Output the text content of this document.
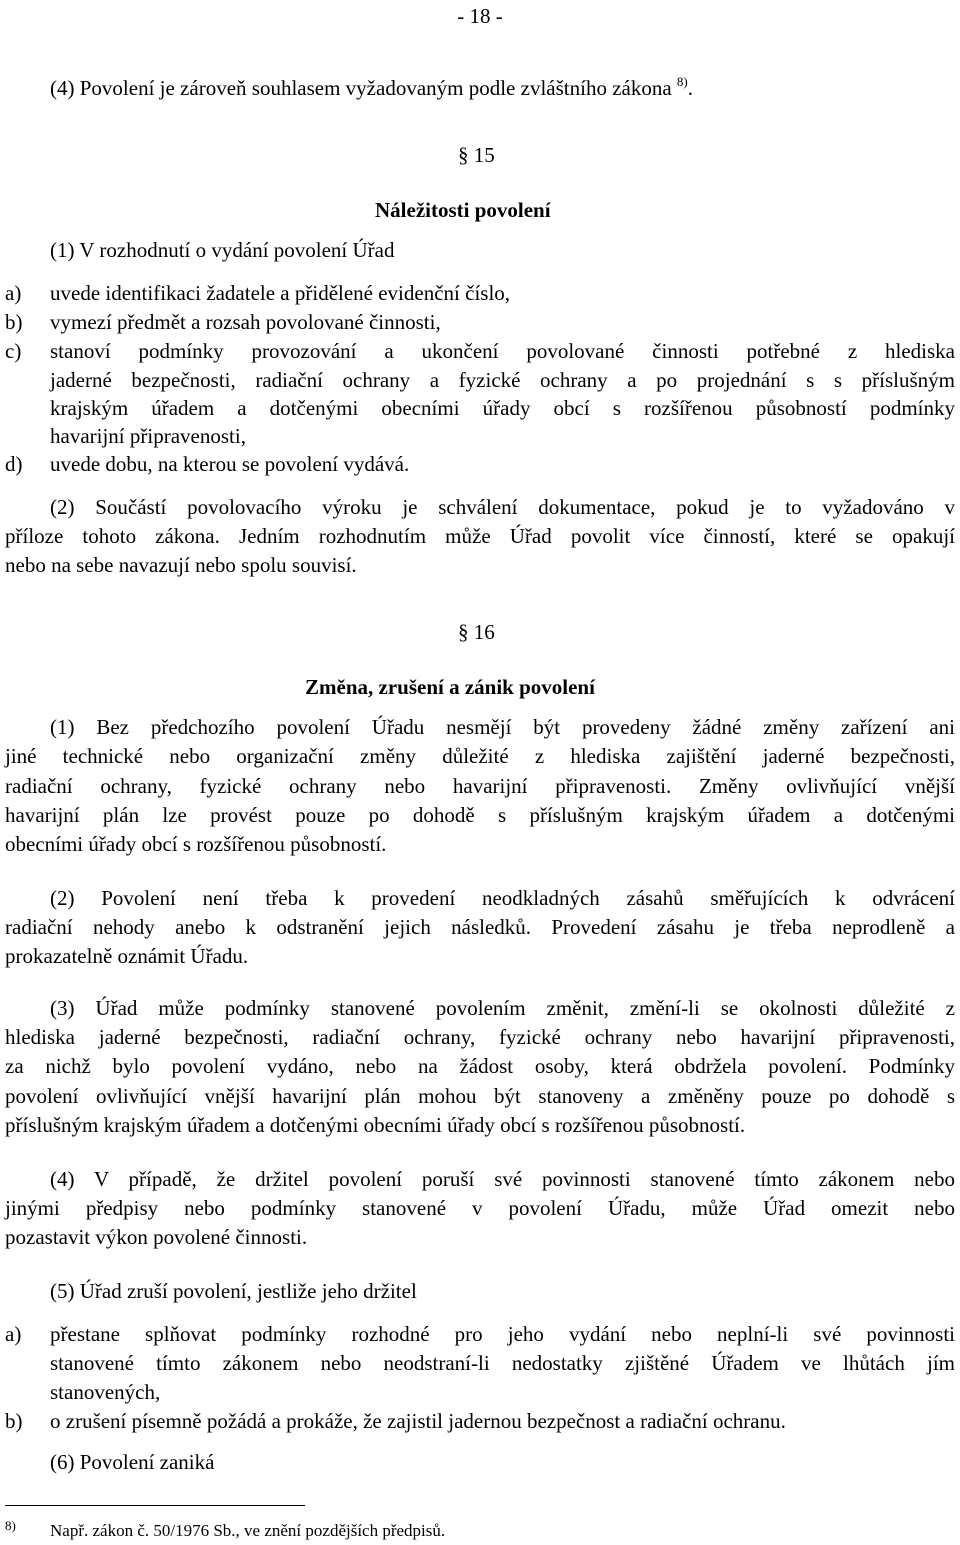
- 18 -
(4) Povolení je zároveň souhlasem vyžadovaným podle zvláštního zákona $^{8)}$.
§ 15
Náležitosti povolení
(1) V rozhodnutí o vydání povolení Úřad
a) uvede identifikaci žadatele a přidělené evidenční číslo,
b) vymezí předmět a rozsah povolované činnosti,
c) stanoví podmínky provozování a ukončení povolované činnosti potřebné z hlediska
jaderné bezpečnosti, radiační ochrany a fyzické ochrany a po projednání s s příslušným
krajským úřadem a dotčenými obecními úřady obcí s rozšířenou působností podmínky
havarijní připravenosti,
d) uvede dobu, na kterou se povolení vydává.
(2) Součástí povolovacího výroku je schválení dokumentace, pokud je to vyžadováno v
příloze tohoto zákona. Jedním rozhodnutím může Úřad povolit více činností, které se opakují
nebo na sebe navazují nebo spolu souvisí.
§ 16
Změna, zrušení a zánik povolení
(1) Bez předchozího povolení Úřadu nesmějí být provedeny žádné změny zařízení ani
jiné technické nebo organizační změny důležité z hlediska zajištění jaderné bezpečnosti,
radiační ochrany, fyzické ochrany nebo havarijní připravenosti. Změny ovlivňující vnější
havarijní plán lze provést pouze po dohodě s příslušným krajským úřadem a dotčenými
obecními úřady obcí s rozšířenou působností.
(2) Povolení není třeba k provedení neodkladných zásahů směřujících k odvrácení
radiační nehody anebo k odstranění jejich následků. Provedení zásahu je třeba neprodleně a
prokazatelně oznámit Úřadu.
(3) Úřad může podmínky stanovené povolením změnit, změní-li se okolnosti důležité z
hlediska jaderné bezpečnosti, radiační ochrany, fyzické ochrany nebo havarijní připravenosti,
za nichž bylo povolení vydáno, nebo na žádost osoby, která obdržela povolení. Podmínky
povolení ovlivňující vnější havarijní plán mohou být stanoveny a změněny pouze po dohodě s
příslušným krajským úřadem a dotčenými obecními úřady obcí s rozšířenou působností.
(4) V případě, že držitel povolení poruší své povinnosti stanovené tímto zákonem nebo
jinými předpisy nebo podmínky stanovené v povolení Úřadu, může Úřad omezit nebo
pozastavit výkon povolené činnosti.
(5) Úřad zruší povolení, jestliže jeho držitel
a) přestane splňovat podmínky rozhodné pro jeho vydání nebo neplní-li své povinnosti
stanovené tímto zákonem nebo neodstraní-li nedostatky zjištěné Úřadem ve lhůtách jím
stanovených,
b) o zrušení písemně požádá a prokáže, že zajistil jadernou bezpečnost a radiační ochranu.
(6) Povolení zaniká
8) Např. zákon č. 50/1976 Sb., ve znění pozdějších předpisů.
